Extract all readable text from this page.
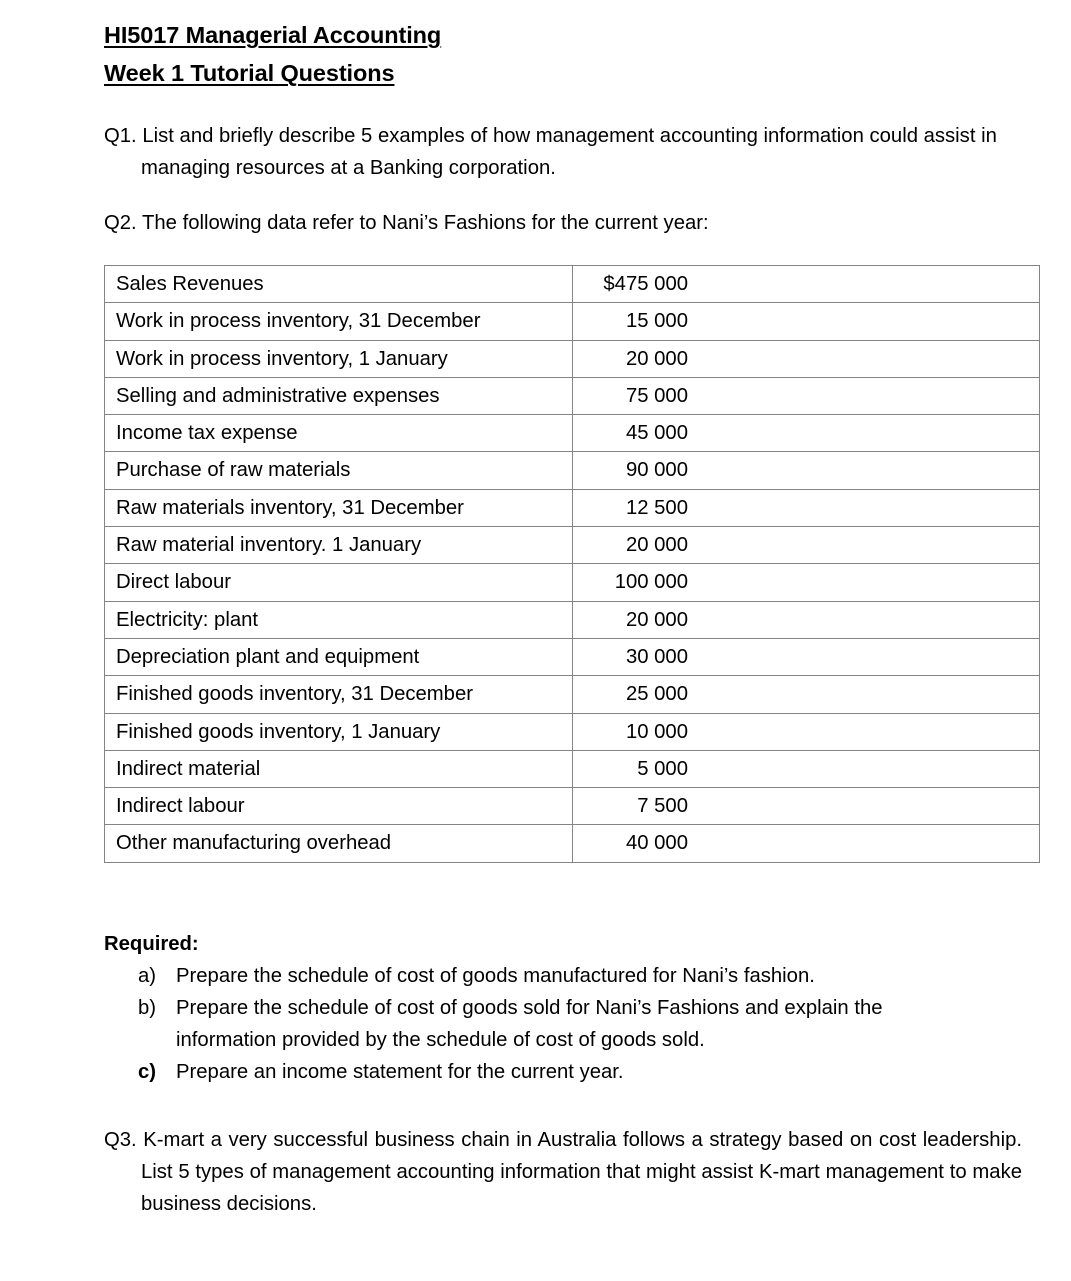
HI5017 Managerial Accounting
Week 1 Tutorial Questions
Q1. List and briefly describe 5 examples of how management accounting information could assist in managing resources at a Banking corporation.
Q2. The following data refer to Nani’s Fashions for the current year:
Sales Revenues	$475 000

Work in process inventory, 31 December	15 000

Work in process inventory, 1 January	20 000

Selling and administrative expenses	75 000

Income tax expense	45 000

Purchase of raw materials	90 000

Raw materials inventory, 31 December	12 500

Raw material inventory. 1 January	20 000

Direct labour	100 000

Electricity: plant	20 000

Depreciation plant and equipment	30 000

Finished goods inventory, 31 December	25 000

Finished goods inventory, 1 January	10 000

Indirect material	5 000

Indirect labour	7 500

Other manufacturing overhead	40 000
Required:
a) Prepare the schedule of cost of goods manufactured for Nani’s fashion.
b) Prepare the schedule of cost of goods sold for Nani’s Fashions and explain the information provided by the schedule of cost of goods sold.
c) Prepare an income statement for the current year.
Q3. K-mart a very successful business chain in Australia follows a strategy based on cost leadership. List 5 types of management accounting information that might assist K-mart management to make business decisions.
